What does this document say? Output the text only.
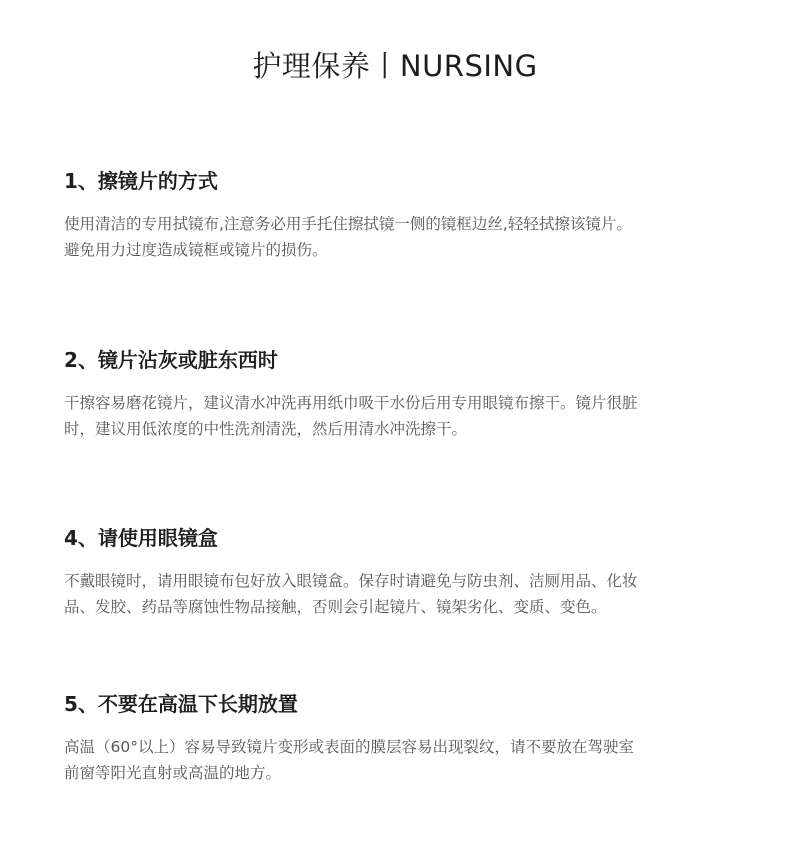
护理保养丨NURSING
1、擦镜片的方式
使用清洁的专用拭镜布,注意务必用手托住擦拭镜一侧的镜框边丝,轻轻拭擦该镜片。
避免用力过度造成镜框或镜片的损伤。
2、镜片沾灰或脏东西时
干擦容易磨花镜片，建议清水冲洗再用纸巾吸干水份后用专用眼镜布擦干。镜片很脏
时，建议用低浓度的中性洗剂清洗，然后用清水冲洗擦干。
4、请使用眼镜盒
不戴眼镜时，请用眼镜布包好放入眼镜盒。保存时请避免与防虫剂、洁厕用品、化妆
品、发胶、药品等腐蚀性物品接触，否则会引起镜片、镜架劣化、变质、变色。
5、不要在高温下长期放置
高温（60°以上）容易导致镜片变形或表面的膜层容易出现裂纹，请不要放在驾驶室
前窗等阳光直射或高温的地方。
